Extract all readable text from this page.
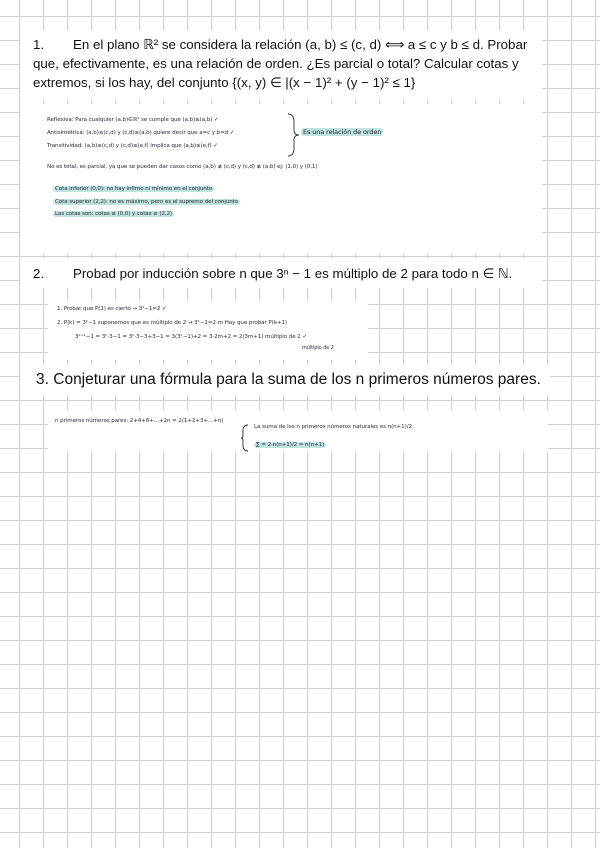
1. En el plano ℝ² se considera la relación (a, b) ≤ (c, d) ⟺ a ≤ c y b ≤ d. Probar
que, efectivamente, es una relación de orden. ¿Es parcial o total? Calcular cotas y
extremos, si los hay, del conjunto {(x, y) ∈ |(x − 1)² + (y − 1)² ≤ 1}
Reflexiva: Para cualquier (a,b)∈ℝ² se cumple que (a,b)≤(a,b) ✓
Antisimétrica: (a,b)≤(c,d) y (c,d)≤(a,b) quiere decir que a=c y b=d ✓
Transitividad: (a,b)≤(c,d) y (c,d)≤(e,f) implica que (a,b)≤(e,f) ✓
Es una relación de orden
No es total, es parcial, ya que se pueden dar casos como (a,b) ≰ (c,d) y (c,d) ≰ (a,b) ej: (1,0) y (0,1)
Cota inferior (0,0): no hay ínfimo ni mínimo en el conjunto
Cota superior (2,2): no es máximo, pero es el supremo del conjunto
Las cotas son: cotas ≤ (0,0) y cotas ≥ (2,2)
2. Probad por inducción sobre n que 3ⁿ − 1 es múltiplo de 2 para todo n ∈ ℕ.
1. Probar que P(1) es cierto → 3¹−1=2 ✓
2. P(k) = 3ᵏ−1 suponemos que es múltiplo de 2 → 3ᵏ−1=2·m Hay que probar P(k+1)
3ᵏ⁺¹−1 = 3ᵏ·3−1 = 3ᵏ·3−3+3−1 = 3(3ᵏ−1)+2 = 3·2m+2 = 2(3m+1) múltiplo de 2 ✓
múltiplo de 2
3. Conjeturar una fórmula para la suma de los n primeros números pares.
n primeros números pares: 2+4+6+...+2n = 2(1+2+3+...+n)
La suma de los n primeros números naturales es n(n+1)/2
∑ = 2·n(n+1)/2 = n(n+1)
